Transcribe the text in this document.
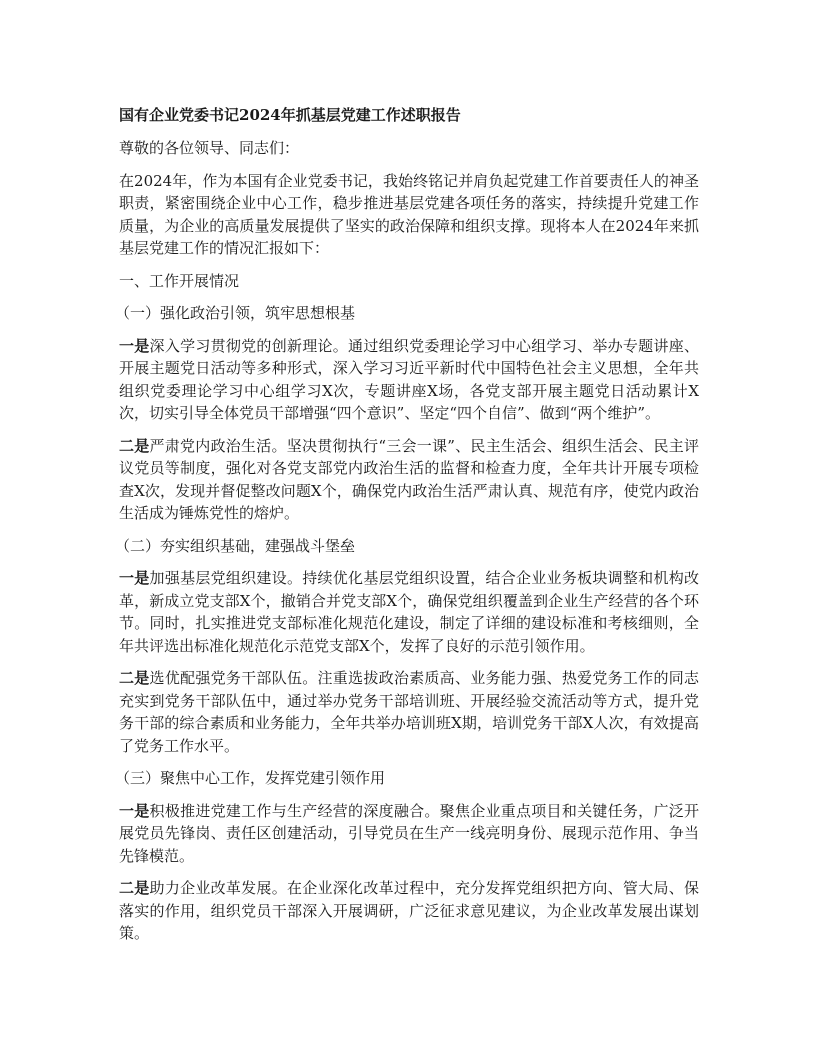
国有企业党委书记2024年抓基层党建工作述职报告
尊敬的各位领导、同志们：
在2024年，作为本国有企业党委书记，我始终铭记并肩负起党建工作首要责任人的神圣职责，紧密围绕企业中心工作，稳步推进基层党建各项任务的落实，持续提升党建工作质量，为企业的高质量发展提供了坚实的政治保障和组织支撑。现将本人在2024年来抓基层党建工作的情况汇报如下：
一、工作开展情况
（一）强化政治引领，筑牢思想根基
一是深入学习贯彻党的创新理论。通过组织党委理论学习中心组学习、举办专题讲座、开展主题党日活动等多种形式，深入学习习近平新时代中国特色社会主义思想，全年共组织党委理论学习中心组学习X次，专题讲座X场，各党支部开展主题党日活动累计X次，切实引导全体党员干部增强“四个意识”、坚定“四个自信”、做到“两个维护”。
二是严肃党内政治生活。坚决贯彻执行“三会一课”、民主生活会、组织生活会、民主评议党员等制度，强化对各党支部党内政治生活的监督和检查力度，全年共计开展专项检查X次，发现并督促整改问题X个，确保党内政治生活严肃认真、规范有序，使党内政治生活成为锤炼党性的熔炉。
（二）夯实组织基础，建强战斗堡垒
一是加强基层党组织建设。持续优化基层党组织设置，结合企业业务板块调整和机构改革，新成立党支部X个，撤销合并党支部X个，确保党组织覆盖到企业生产经营的各个环节。同时，扎实推进党支部标准化规范化建设，制定了详细的建设标准和考核细则，全年共评选出标准化规范化示范党支部X个，发挥了良好的示范引领作用。
二是选优配强党务干部队伍。注重选拔政治素质高、业务能力强、热爱党务工作的同志充实到党务干部队伍中，通过举办党务干部培训班、开展经验交流活动等方式，提升党务干部的综合素质和业务能力，全年共举办培训班X期，培训党务干部X人次，有效提高了党务工作水平。
（三）聚焦中心工作，发挥党建引领作用
一是积极推进党建工作与生产经营的深度融合。聚焦企业重点项目和关键任务，广泛开展党员先锋岗、责任区创建活动，引导党员在生产一线亮明身份、展现示范作用、争当先锋模范。
二是助力企业改革发展。在企业深化改革过程中，充分发挥党组织把方向、管大局、保落实的作用，组织党员干部深入开展调研，广泛征求意见建议，为企业改革发展出谋划策。
